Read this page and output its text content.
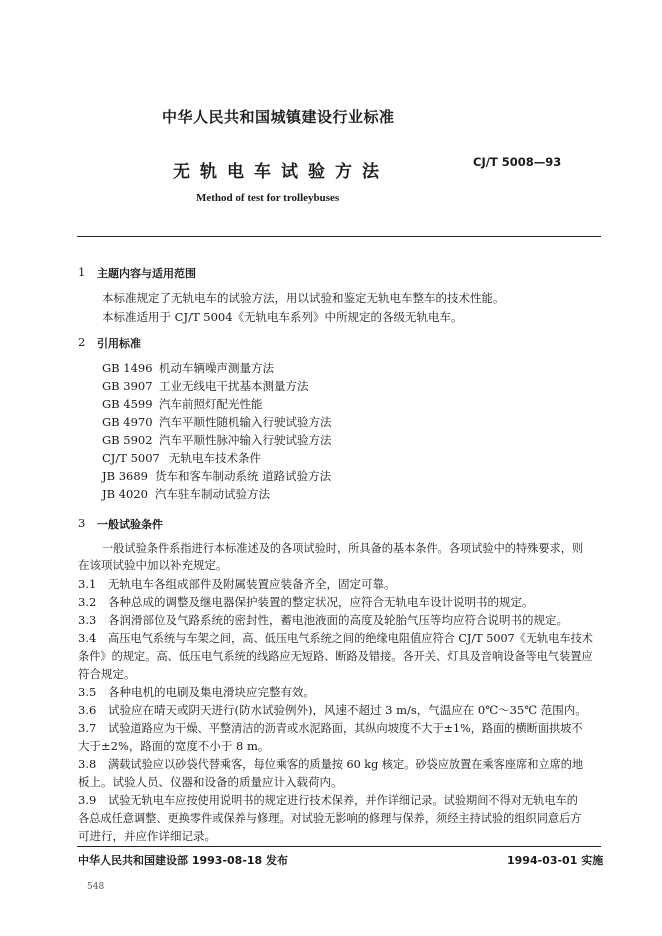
中华人民共和国城镇建设行业标准
无轨电车试验方法	CJ/T 5008—93
Method of test for trolleybuses
1 主题内容与适用范围
本标准规定了无轨电车的试验方法，用以试验和鉴定无轨电车整车的技术性能。
本标准适用于 CJ/T 5004《无轨电车系列》中所规定的各级无轨电车。
2 引用标准
GB 1496 机动车辆噪声测量方法
GB 3907 工业无线电干扰基本测量方法
GB 4599 汽车前照灯配光性能
GB 4970 汽车平顺性随机输入行驶试验方法
GB 5902 汽车平顺性脉冲输入行驶试验方法
CJ/T 5007 无轨电车技术条件
JB 3689 货车和客车制动系统 道路试验方法
JB 4020 汽车驻车制动试验方法
3 一般试验条件
一般试验条件系指进行本标准述及的各项试验时，所具备的基本条件。各项试验中的特殊要求，则
在该项试验中加以补充规定。
3.1 无轨电车各组成部件及附属装置应装备齐全，固定可靠。
3.2 各种总成的调整及继电器保护装置的整定状况，应符合无轨电车设计说明书的规定。
3.3 各润滑部位及气路系统的密封性，蓄电池液面的高度及轮胎气压等均应符合说明书的规定。
3.4 高压电气系统与车架之间，高、低压电气系统之间的绝缘电阻值应符合 CJ/T 5007《无轨电车技术
条件》的规定。高、低压电气系统的线路应无短路、断路及错接。各开关、灯具及音响设备等电气装置应
符合规定。
3.5 各种电机的电刷及集电滑块应完整有效。
3.6 试验应在晴天或阴天进行(防水试验例外)，风速不超过 3 m/s，气温应在 0℃～35℃ 范围内。
3.7 试验道路应为干燥、平整清洁的沥青或水泥路面，其纵向坡度不大于±1%，路面的横断面拱坡不
大于±2%，路面的宽度不小于 8 m。
3.8 满载试验应以砂袋代替乘客，每位乘客的质量按 60 kg 核定。砂袋应放置在乘客座席和立席的地
板上。试验人员、仪器和设备的质量应计入载荷内。
3.9 试验无轨电车应按使用说明书的规定进行技术保养，并作详细记录。试验期间不得对无轨电车的
各总成任意调整、更换零件或保养与修理。对试验无影响的修理与保养，须经主持试验的组织同意后方
可进行，并应作详细记录。
中华人民共和国建设部 1993-08-18 发布	1994-03-01 实施
548
